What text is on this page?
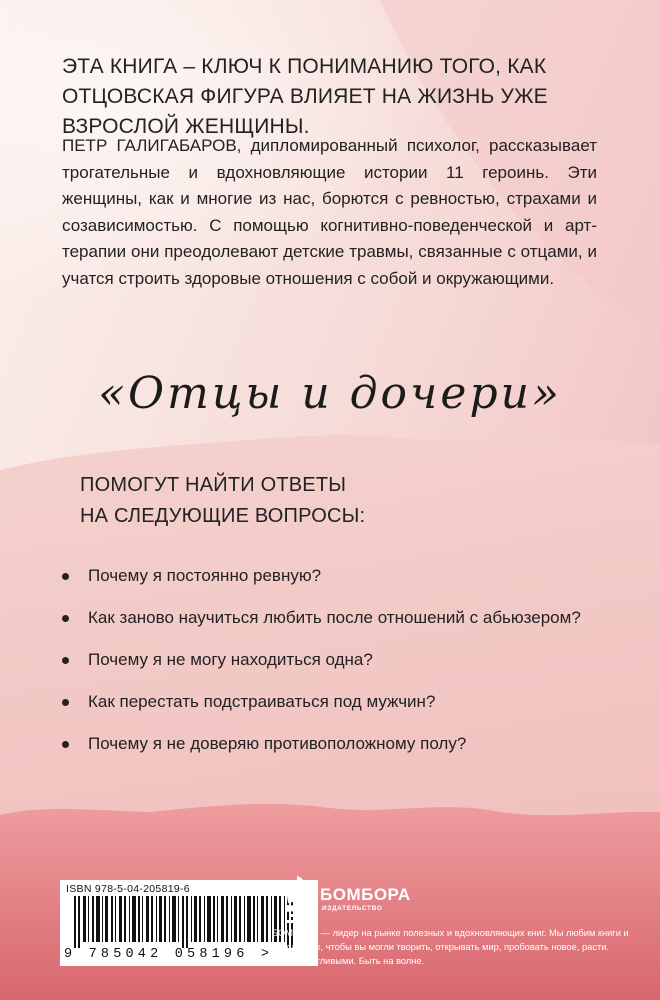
ЭТА КНИГА – КЛЮЧ К ПОНИМАНИЮ ТОГО, КАК ОТЦОВСКАЯ ФИГУРА ВЛИЯЕТ НА ЖИЗНЬ УЖЕ ВЗРОСЛОЙ ЖЕНЩИНЫ.

ПЕТР ГАЛИГАБАРОВ, дипломированный психолог, рассказывает трогательные и вдохновляющие истории 11 героинь. Эти женщины, как и многие из нас, борются с ревностью, страхами и созависимостью. С помощью когнитивно-поведенческой и арт-терапии они преодолевают детские травмы, связанные с отцами, и учатся строить здоровые отношения с собой и окружающими.

«Отцы и дочери»
ПОМОГУТ НАЙТИ ОТВЕТЫ
НА СЛЕДУЮЩИЕ ВОПРОСЫ:
Почему я постоянно ревную?
Как заново научиться любить после отношений с абьюзером?
Почему я не могу находиться одна?
Как перестать подстраиваться под мужчин?
Почему я не доверяю противоположному полу?
ISBN 978-5-04-205819-6
9 785042 058196 >
БОМБОРА
ИЗДАТЕЛЬСТВО

БОМБОРА — лидер на рынке полезных и вдохновляющих книг. Мы любим книги и создаем их, чтобы вы могли творить, открывать мир, пробовать новое, расти. Быть счастливыми. Быть на волне.
